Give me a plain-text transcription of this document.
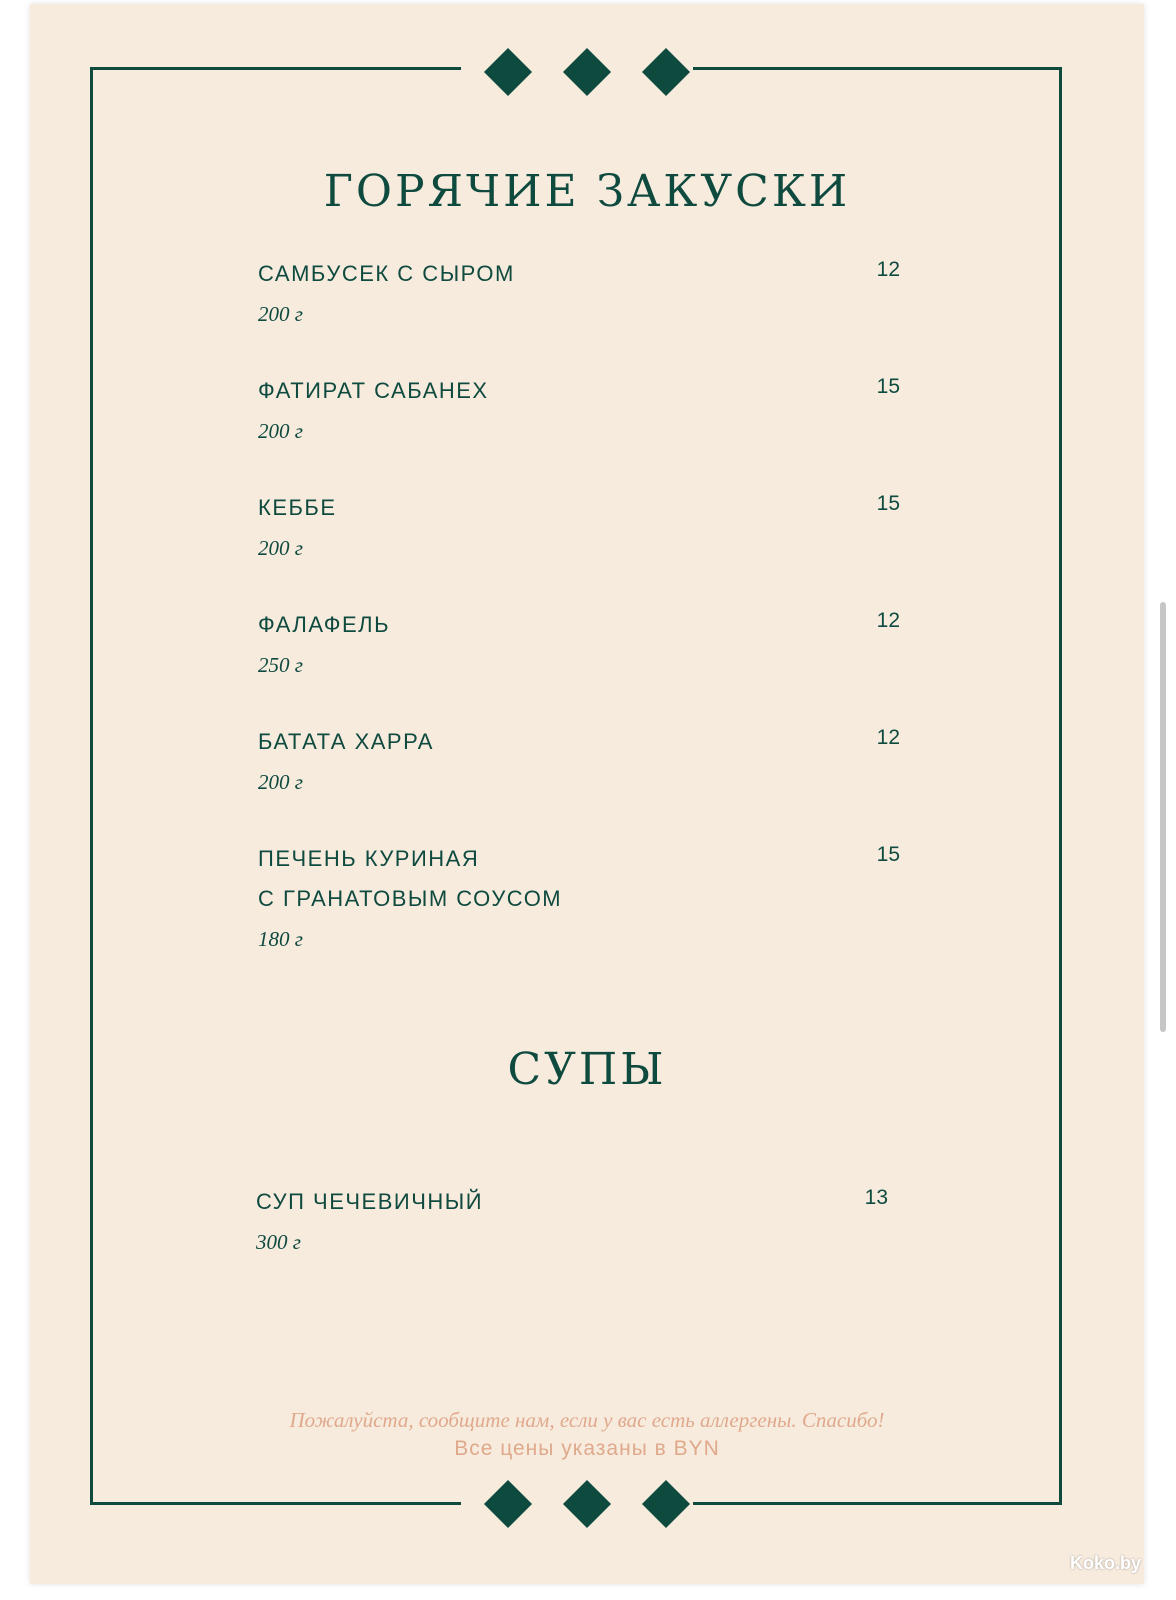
ГОРЯЧИЕ ЗАКУСКИ
САМБУСЕК С СЫРОМ
200 г
12
ФАТИРАТ САБАНЕХ
200 г
15
КЕББЕ
200 г
15
ФАЛАФЕЛЬ
250 г
12
БАТАТА ХАРРА
200 г
12
ПЕЧЕНЬ КУРИНАЯ
С ГРАНАТОВЫМ СОУСОМ
180 г
15
СУПЫ
СУП ЧЕЧЕВИЧНЫЙ
300 г
13
Пожалуйста, сообщите нам, если у вас есть аллергены. Спасибо!
Все цены указаны в BYN
Koko.by
